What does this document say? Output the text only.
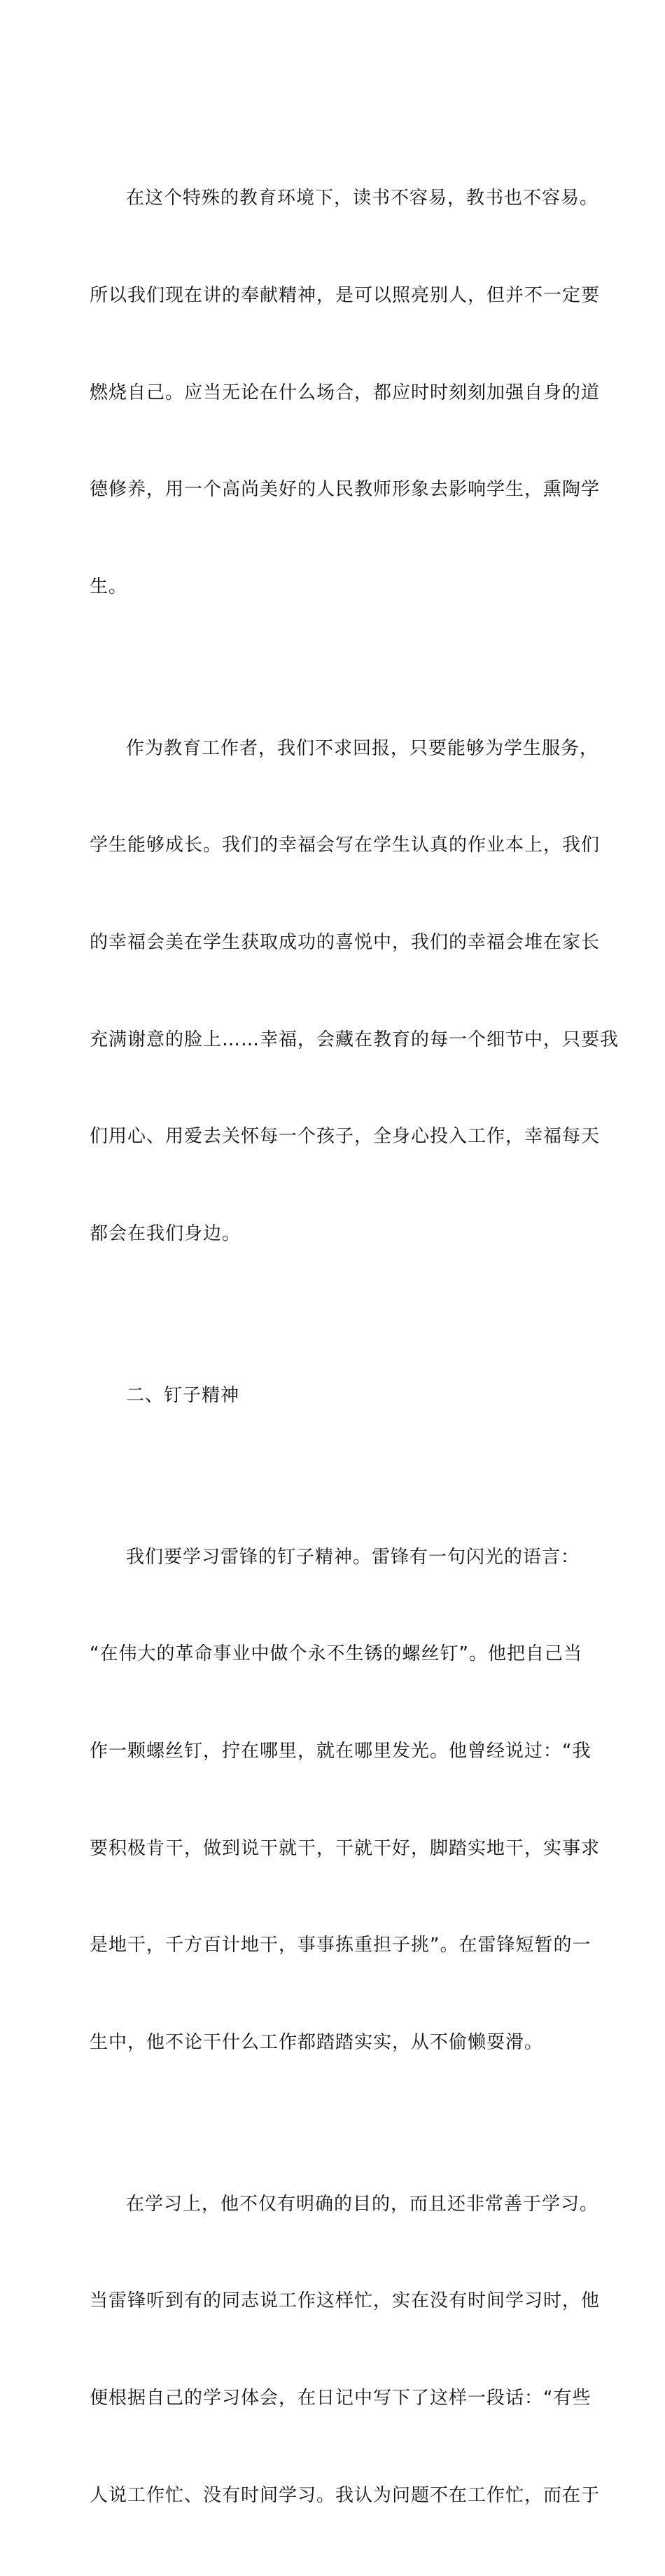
在这个特殊的教育环境下，读书不容易，教书也不容易。

所以我们现在讲的奉献精神，是可以照亮别人，但并不一定要

燃烧自己。应当无论在什么场合，都应时时刻刻加强自身的道

德修养，用一个高尚美好的人民教师形象去影响学生，熏陶学

生。

作为教育工作者，我们不求回报，只要能够为学生服务，

学生能够成长。我们的幸福会写在学生认真的作业本上，我们

的幸福会美在学生获取成功的喜悦中，我们的幸福会堆在家长

充满谢意的脸上……幸福，会藏在教育的每一个细节中，只要我

们用心、用爱去关怀每一个孩子，全身心投入工作，幸福每天

都会在我们身边。

二、钉子精神

我们要学习雷锋的钉子精神。雷锋有一句闪光的语言：

“在伟大的革命事业中做个永不生锈的螺丝钉”。他把自己当

作一颗螺丝钉，拧在哪里，就在哪里发光。他曾经说过：“我

要积极肯干，做到说干就干，干就干好，脚踏实地干，实事求

是地干，千方百计地干，事事拣重担子挑”。在雷锋短暂的一

生中，他不论干什么工作都踏踏实实，从不偷懒耍滑。

在学习上，他不仅有明确的目的，而且还非常善于学习。

当雷锋听到有的同志说工作这样忙，实在没有时间学习时，他

便根据自己的学习体会，在日记中写下了这样一段话：“有些

人说工作忙、没有时间学习。我认为问题不在工作忙，而在于
